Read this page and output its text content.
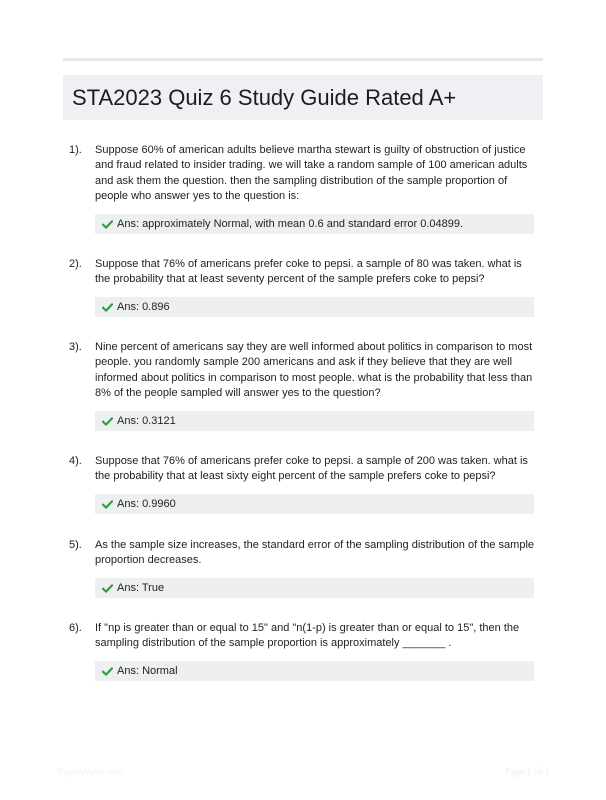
STA2023 Quiz 6 Study Guide Rated A+
1). Suppose 60% of american adults believe martha stewart is guilty of obstruction of justice and fraud related to insider trading. we will take a random sample of 100 american adults and ask them the question. then the sampling distribution of the sample proportion of people who answer yes to the question is:
Ans: approximately Normal, with mean 0.6 and standard error 0.04899.
2). Suppose that 76% of americans prefer coke to pepsi. a sample of 80 was taken. what is the probability that at least seventy percent of the sample prefers coke to pepsi?
Ans: 0.896
3). Nine percent of americans say they are well informed about politics in comparison to most people. you randomly sample 200 americans and ask if they believe that they are well informed about politics in comparison to most people. what is the probability that less than 8% of the people sampled will answer yes to the question?
Ans: 0.3121
4). Suppose that 76% of americans prefer coke to pepsi. a sample of 200 was taken. what is the probability that at least sixty eight percent of the sample prefers coke to pepsi?
Ans: 0.9960
5). As the sample size increases, the standard error of the sampling distribution of the sample proportion decreases.
Ans: True
6). If "np is greater than or equal to 15" and "n(1-p) is greater than or equal to 15", then the sampling distribution of the sample proportion is approximately _______ .
Ans: Normal
PaperWebs.com	Page 1 of 1
